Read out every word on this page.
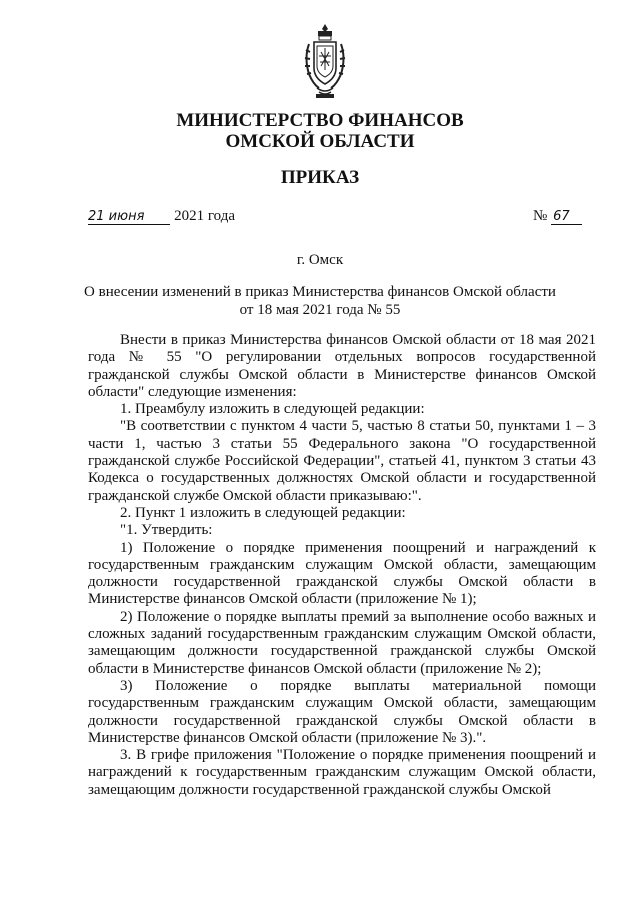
МИНИСТЕРСТВО ФИНАНСОВ
ОМСКОЙ ОБЛАСТИ
ПРИКАЗ
21 июня 2021 года	№ 67
г. Омск
О внесении изменений в приказ Министерства финансов Омской области
от 18 мая 2021 года № 55

Внести в приказ Министерства финансов Омской области от 18 мая 2021 года № 55 "О регулировании отдельных вопросов государственной гражданской службы Омской области в Министерстве финансов Омской области" следующие изменения:

1. Преамбулу изложить в следующей редакции:

"В соответствии с пунктом 4 части 5, частью 8 статьи 50, пунктами 1 – 3 части 1, частью 3 статьи 55 Федерального закона "О государственной гражданской службе Российской Федерации", статьей 41, пунктом 3 статьи 43 Кодекса о государственных должностях Омской области и государственной гражданской службе Омской области приказываю:".

2. Пункт 1 изложить в следующей редакции:

"1. Утвердить:

1) Положение о порядке применения поощрений и награждений к государственным гражданским служащим Омской области, замещающим должности государственной гражданской службы Омской области в Министерстве финансов Омской области (приложение № 1);

2) Положение о порядке выплаты премий за выполнение особо важных и сложных заданий государственным гражданским служащим Омской области, замещающим должности государственной гражданской службы Омской области в Министерстве финансов Омской области (приложение № 2);

3) Положение о порядке выплаты материальной помощи государственным гражданским служащим Омской области, замещающим должности государственной гражданской службы Омской области в Министерстве финансов Омской области (приложение № 3).".

3. В грифе приложения "Положение о порядке применения поощрений и награждений к государственным гражданским служащим Омской области, замещающим должности государственной гражданской службы Омской
